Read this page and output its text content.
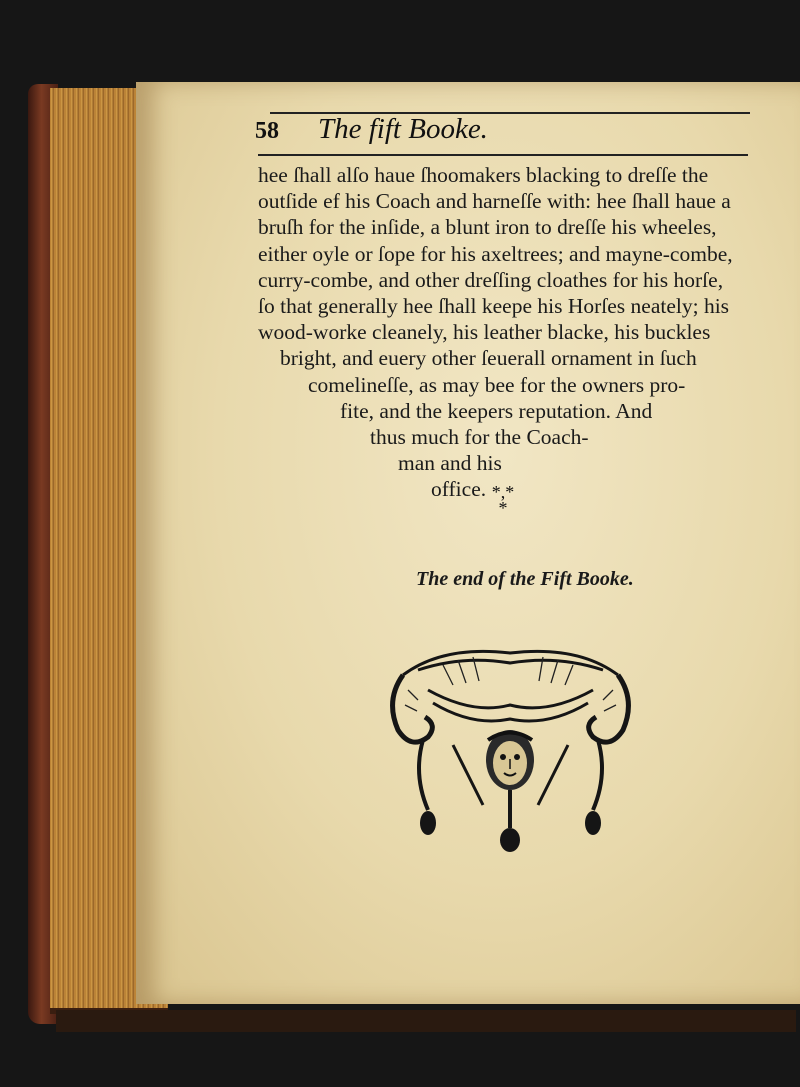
58 The fift Booke.
hee ſhall alſo haue ſhoomakers blacking to dreſſe the
outſide ef his Coach and harneſſe with: hee ſhall haue a
bruſh for the inſide, a blunt iron to dreſſe his wheeles,
either oyle or ſope for his axeltrees; and mayne-combe,
curry-combe, and other dreſſing cloathes for his horſe,
ſo that generally hee ſhall keepe his Horſes neately; his
wood-worke cleanely, his leather blacke, his buckles
bright, and euery other ſeuerall ornament in ſuch
comelineſſe, as may bee for the owners pro-
fite, and the keepers reputation. And
thus much for the Coach-
man and his
office. *,*
*
The end of the Fift Booke.
